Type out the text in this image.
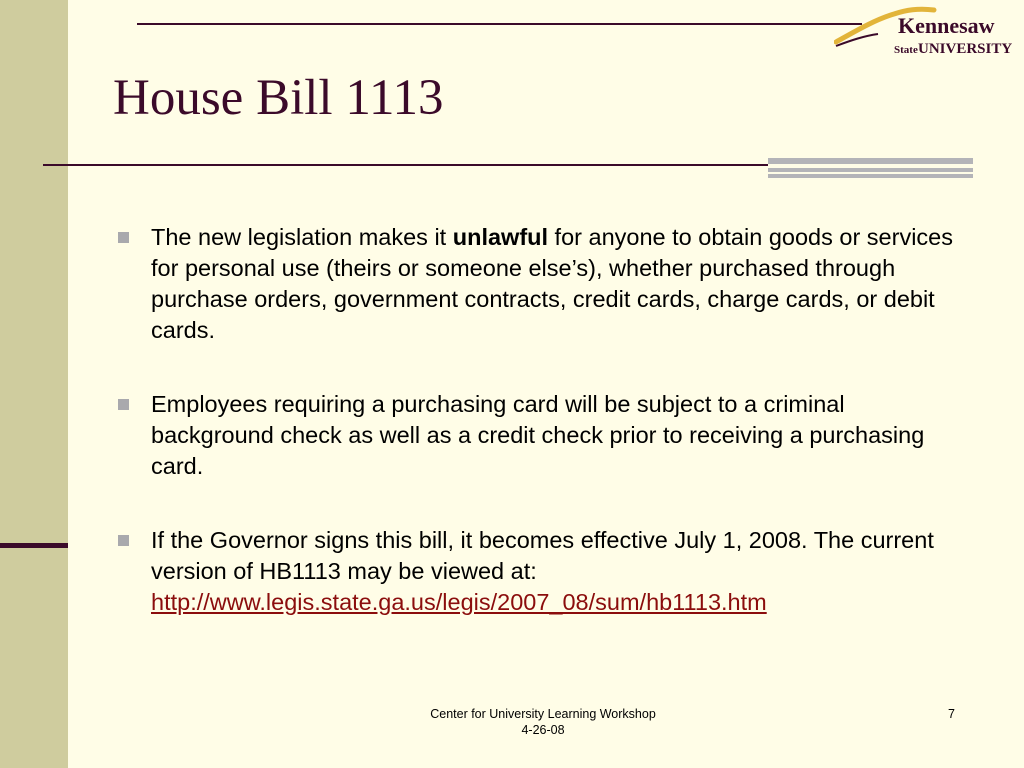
Kennesaw
State UNIVERSITY
House Bill 1113
The new legislation makes it unlawful for anyone to obtain goods or services for personal use (theirs or someone else’s), whether purchased through purchase orders, government contracts, credit cards, charge cards, or debit cards.
Employees requiring a purchasing card will be subject to a criminal background check as well as a credit check prior to receiving a purchasing card.
If the Governor signs this bill, it becomes effective July 1, 2008. The current version of HB1113 may be viewed at:
http://www.legis.state.ga.us/legis/2007_08/sum/hb1113.htm
Center for University Learning Workshop
4-26-08
7
